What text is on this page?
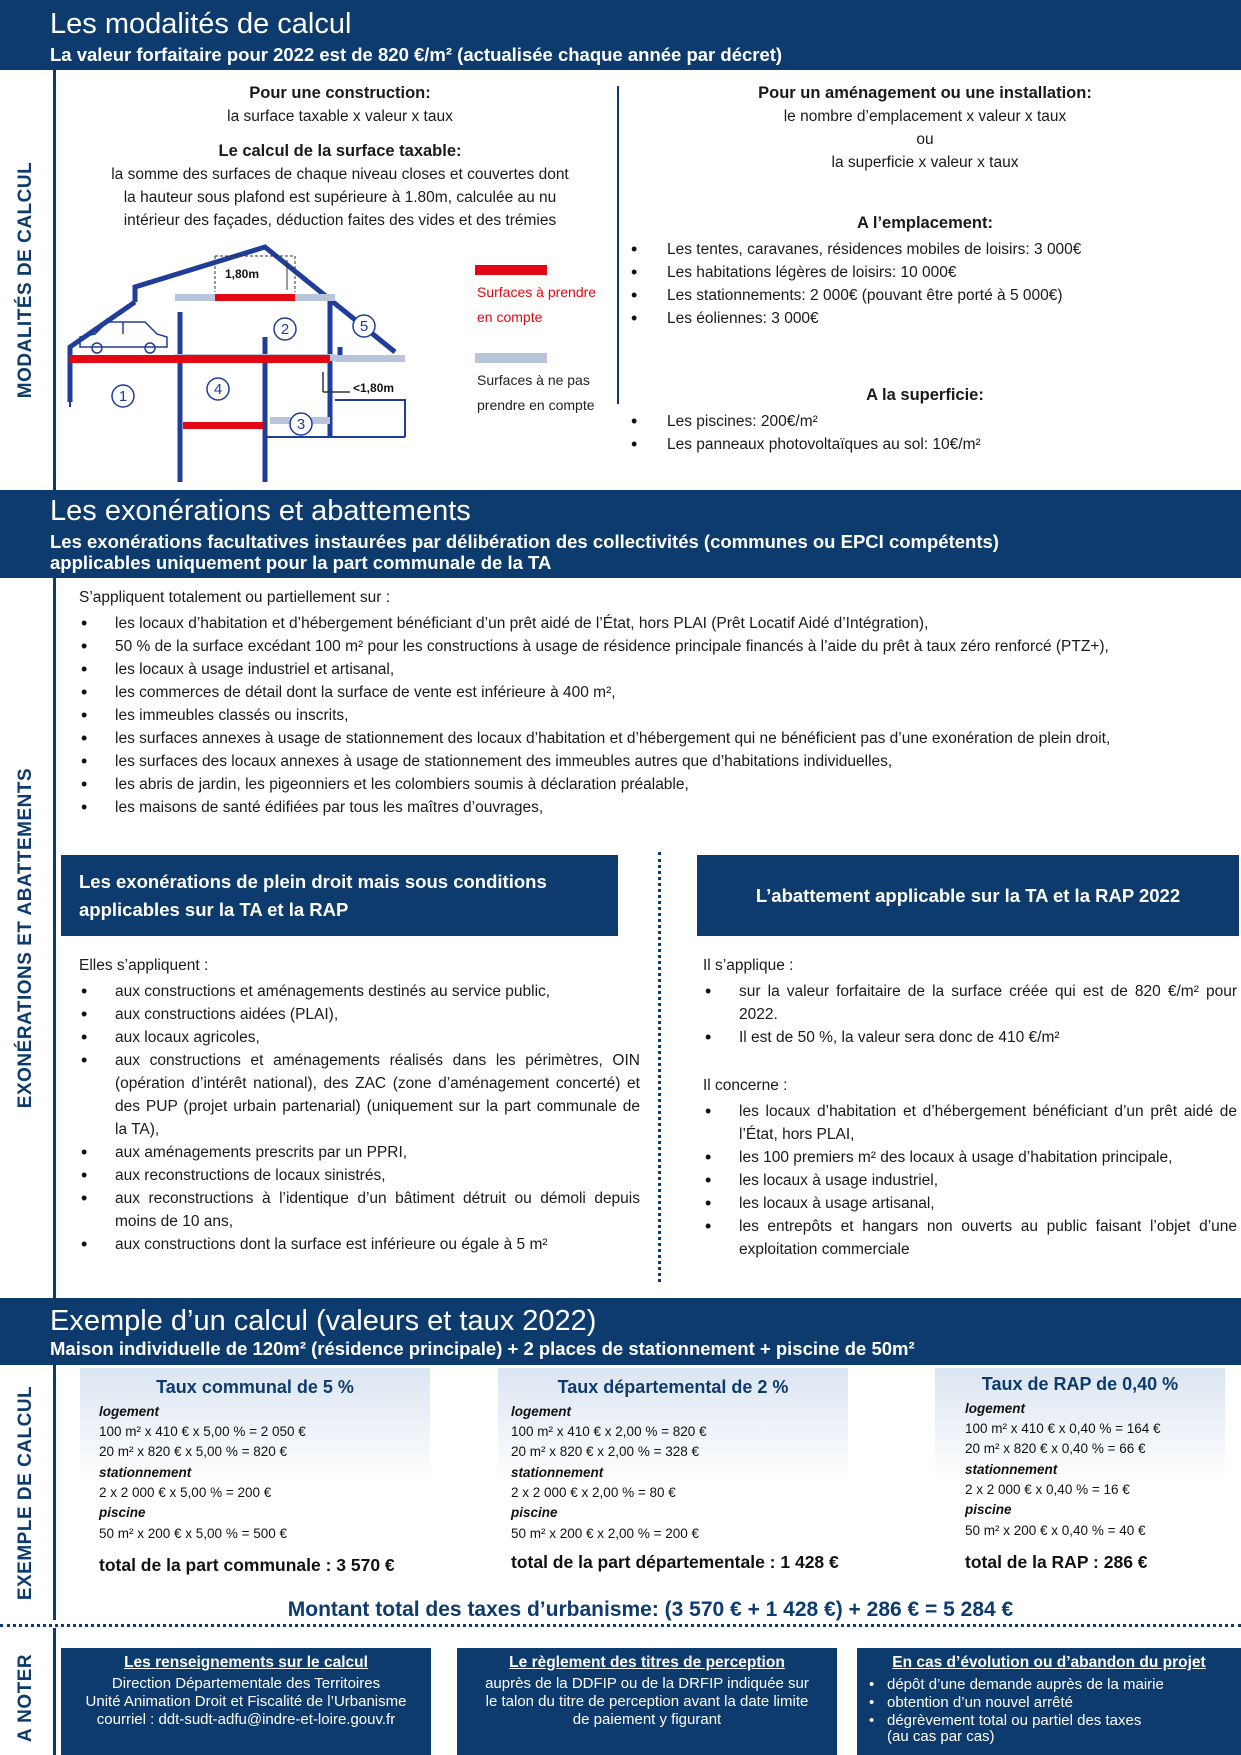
Les modalités de calcul
La valeur forfaitaire pour 2022 est de 820 €/m² (actualisée chaque année par décret)
MODALITÉS DE CALCUL
Pour une construction:
la surface taxable x valeur x taux
Le calcul de la surface taxable:
la somme des surfaces de chaque niveau closes et couvertes dont
la hauteur sous plafond est supérieure à 1.80m, calculée au nu
intérieur des façades, déduction faites des vides et des trémies
1,80m
<1,80m
1
2
3
4
5
Surfaces à prendre
en compte
Surfaces à ne pas
prendre en compte
Pour un aménagement ou une installation:
le nombre d’emplacement x valeur x taux
ou
la superficie x valeur x taux
A l’emplacement:
• Les tentes, caravanes, résidences mobiles de loisirs: 3 000€
• Les habitations légères de loisirs: 10 000€
• Les stationnements: 2 000€ (pouvant être porté à 5 000€)
• Les éoliennes: 3 000€
A la superficie:
• Les piscines: 200€/m²
• Les panneaux photovoltaïques au sol: 10€/m²
Les exonérations et abattements
Les exonérations facultatives instaurées par délibération des collectivités (communes ou EPCI compétents)
applicables uniquement pour la part communale de la TA
EXONÉRATIONS ET ABATTEMENTS
S’appliquent totalement ou partiellement sur :
• les locaux d’habitation et d’hébergement bénéficiant d’un prêt aidé de l’État, hors PLAI (Prêt Locatif Aidé d’Intégration),
• 50 % de la surface excédant 100 m² pour les constructions à usage de résidence principale financés à l’aide du prêt à taux zéro renforcé (PTZ+),
• les locaux à usage industriel et artisanal,
• les commerces de détail dont la surface de vente est inférieure à 400 m²,
• les immeubles classés ou inscrits,
• les surfaces annexes à usage de stationnement des locaux d’habitation et d’hébergement qui ne bénéficient pas d’une exonération de plein droit,
• les surfaces des locaux annexes à usage de stationnement des immeubles autres que d’habitations individuelles,
• les abris de jardin, les pigeonniers et les colombiers soumis à déclaration préalable,
• les maisons de santé édifiées par tous les maîtres d’ouvrages,
Les exonérations de plein droit mais sous conditions
applicables sur la TA et la RAP
Elles s’appliquent :
• aux constructions et aménagements destinés au service public,
• aux constructions aidées (PLAI),
• aux locaux agricoles,
• aux constructions et aménagements réalisés dans les périmètres, OIN (opération d’intérêt national), des ZAC (zone d’aménagement concerté) et des PUP (projet urbain partenarial) (uniquement sur la part communale de la TA),
• aux aménagements prescrits par un PPRI,
• aux reconstructions de locaux sinistrés,
• aux reconstructions à l’identique d’un bâtiment détruit ou démoli depuis moins de 10 ans,
• aux constructions dont la surface est inférieure ou égale à 5 m²
L’abattement applicable sur la TA et la RAP 2022
Il s’applique :
• sur la valeur forfaitaire de la surface créée qui est de 820 €/m² pour 2022.
• Il est de 50 %, la valeur sera donc de 410 €/m²
Il concerne :
• les locaux d’habitation et d’hébergement bénéficiant d’un prêt aidé de l’État, hors PLAI,
• les 100 premiers m² des locaux à usage d’habitation principale,
• les locaux à usage industriel,
• les locaux à usage artisanal,
• les entrepôts et hangars non ouverts au public faisant l’objet d’une exploitation commerciale
Exemple d’un calcul (valeurs et taux 2022)
Maison individuelle de 120m² (résidence principale) + 2 places de stationnement + piscine de 50m²
EXEMPLE DE CALCUL	Taux communal de 5 %
logement
100 m² x 410 € x 5,00 % = 2 050 €
20 m² x 820 € x 5,00 % = 820 €
stationnement
2 x 2 000 € x 5,00 % = 200 €
piscine
50 m² x 200 € x 5,00 % = 500 €
total de la part communale : 3 570 €
Taux départemental de 2 %
logement
100 m² x 410 € x 2,00 % = 820 €
20 m² x 820 € x 2,00 % = 328 €
stationnement
2 x 2 000 € x 2,00 % = 80 €
piscine
50 m² x 200 € x 2,00 % = 200 €
total de la part départementale : 1 428 €
Taux de RAP de 0,40 %
logement
100 m² x 410 € x 0,40 % = 164 €
20 m² x 820 € x 0,40 % = 66 €
stationnement
2 x 2 000 € x 0,40 % = 16 €
piscine
50 m² x 200 € x 0,40 % = 40 €
total de la RAP : 286 €
Montant total des taxes d’urbanisme: (3 570 € + 1 428 €) + 286 € = 5 284 €
A NOTER	Les renseignements sur le calcul
Direction Départementale des Territoires
Unité Animation Droit et Fiscalité de l’Urbanisme
courriel : ddt-sudt-adfu@indre-et-loire.gouv.fr
Le règlement des titres de perception
auprès de la DDFIP ou de la DRFIP indiquée sur
le talon du titre de perception avant la date limite
de paiement y figurant
En cas d’évolution ou d’abandon du projet
• dépôt d’une demande auprès de la mairie
• obtention d’un nouvel arrêté
• dégrèvement total ou partiel des taxes
(au cas par cas)
